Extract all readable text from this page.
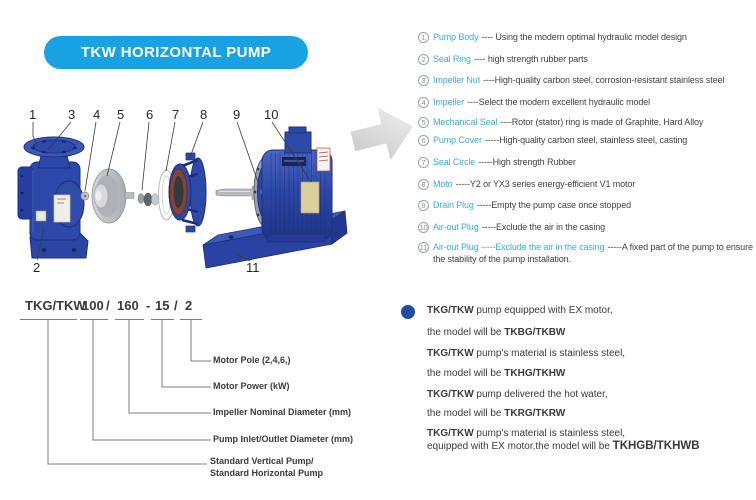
TKW HORIZONTAL PUMP
1 3 4 5 6 7 8 9 10
2	11
1 Pump Body ---- Using the modern optimal hydraulic model design
2 Seal Ring ---- high strength rubber parts
3 Impeller Nut ----High-quality carbon steel, corrosion-resistant stainless steel
4 Impeller ----Select the modern excellent hydraulic model
5 Mechanical Seal ----Rotor (stator) ring is made of Graphite, Hard Alloy
6 Pump Cover -----High-quality carbon steel, stainless steel, casting
7 Seal Circle -----High strength Rubber
8 Moto -----Y2 or YX3 series energy-efficient V1 motor
9 Drain Plug -----Empty the pump case once stopped
10 Air-out Plug -----Exclude the air in the casing
11 Air-out Plug -----Exclude the air in the casing -----A fixed part of the pump to ensure the stability of the pump installation.
TKG/TKW
100 / 160 - 15 / 2
Motor Pole (2,4,6,)
Motor Power (kW)
Impeller Nominal Diameter (mm)
Pump Inlet/Outlet Diameter (mm)
Standard Vertical Pump/
Standard Horizontal Pump
TKG/TKW pump equipped with EX motor,
the model will be TKBG/TKBW
TKG/TKW pump's material is stainless steel,
the model will be TKHG/TKHW
TKG/TKW pump delivered the hot water,
the model will be TKRG/TKRW
TKG/TKW pump's material is stainless steel,
equipped with EX motor,the model will be TKHGB/TKHWB
